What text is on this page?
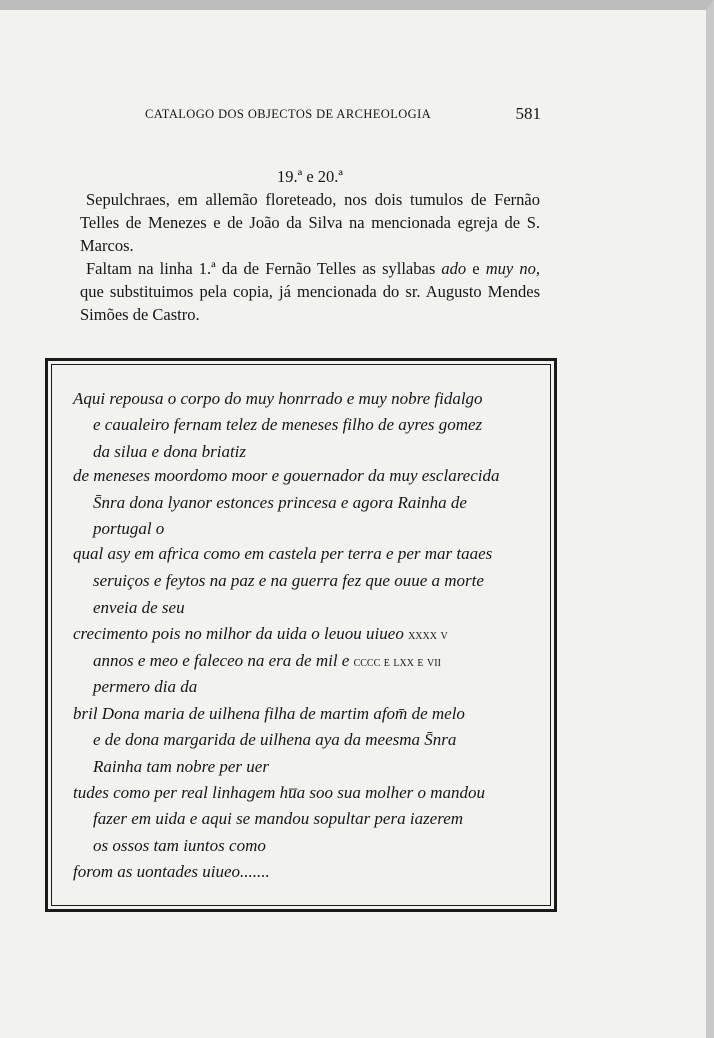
CATALOGO DOS OBJECTOS DE ARCHEOLOGIA	581

19.ª e 20.ª

Sepulchraes, em allemão floreteado, nos dois tumulos de Fernão Telles de Menezes e de João da Silva na mencionada egreja de S. Marcos.

Faltam na linha 1.ª da de Fernão Telles as syllabas ado e muy no, que substituimos pela copia, já mencionada do sr. Augusto Mendes Simões de Castro.

Aqui repousa o corpo do muy honrrado e muy nobre fidalgo

e caualeiro fernam telez de meneses filho de ayres gomez

da silua e dona briatiz

de meneses moordomo moor e gouernador da muy esclarecida

S̄nra dona lyanor estonces princesa e agora Rainha de

portugal o

qual asy em africa como em castela per terra e per mar taaes

seruiços e feytos na paz e na guerra fez que ouue a morte

enveia de seu

crecimento pois no milhor da uida o leuou uiueo xxxx v

annos e meo e faleceo na era de mil e cccc e lxx e vii

permero dia da

bril Dona maria de uilhena filha de martim afom̄ de melo

e de dona margarida de uilhena aya da meesma S̄nra

Rainha tam nobre per uer

tudes como per real linhagem hu̅a soo sua molher o mandou

fazer em uida e aqui se mandou sopultar pera iazerem

os ossos tam iuntos como

forom as uontades uiueo.......
